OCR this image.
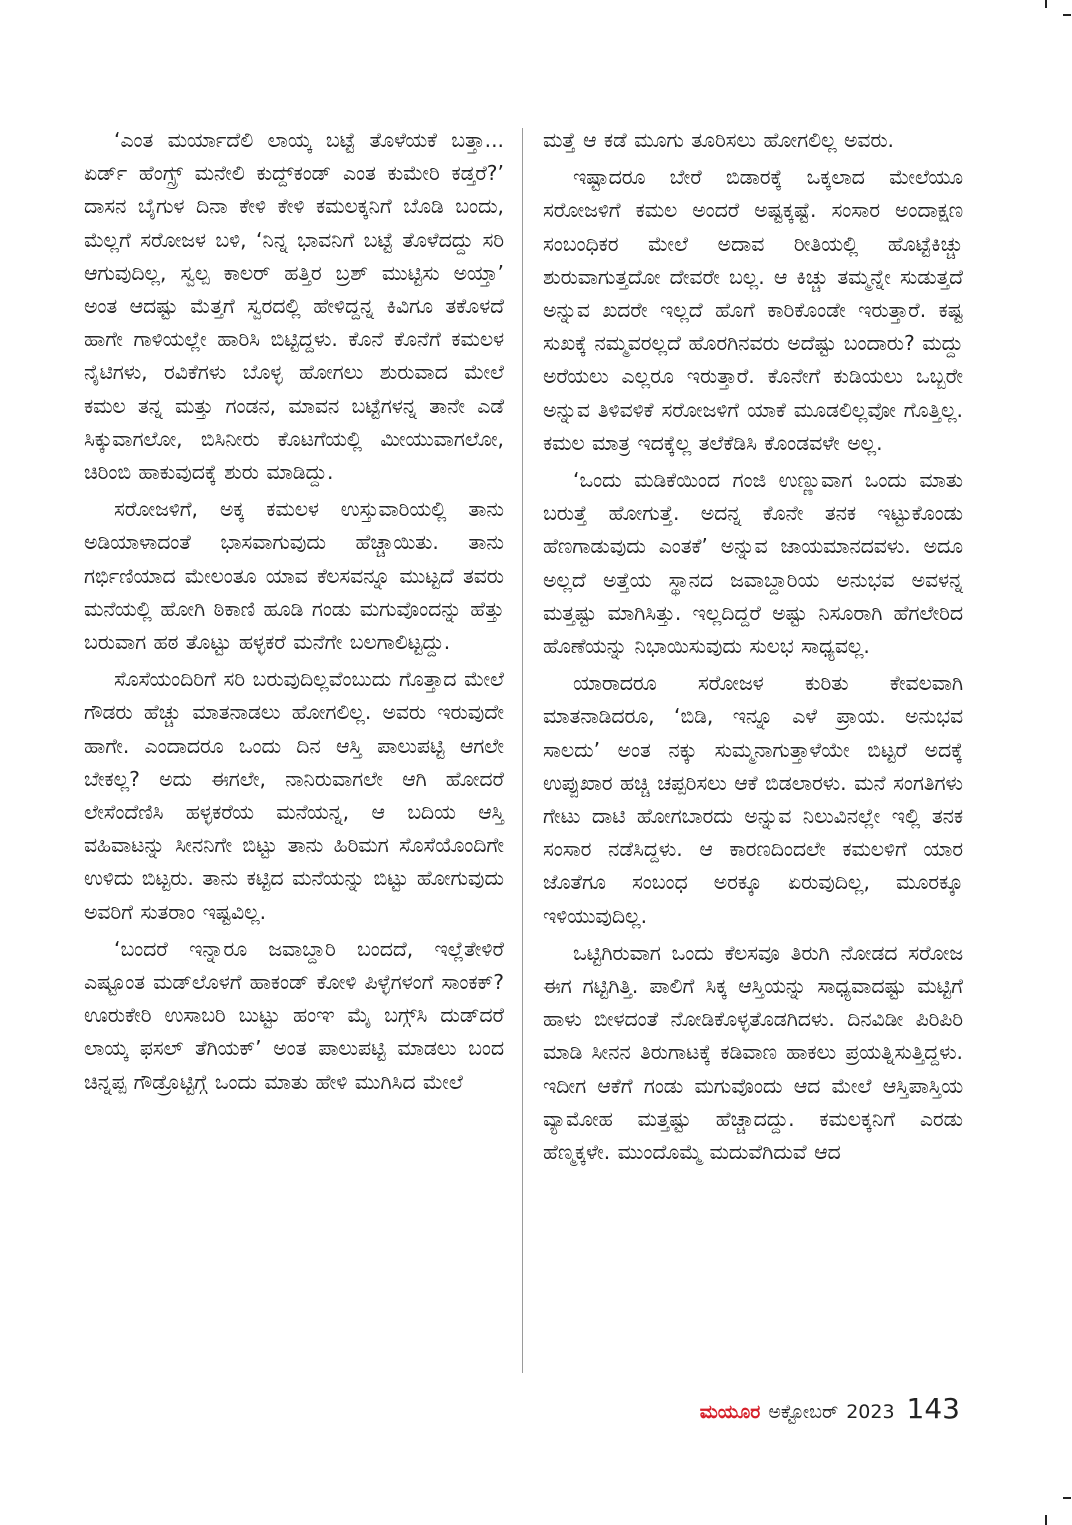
‘ಎಂತ ಮರ್ಯಾದೆಲಿ ಲಾಯ್ಕ ಬಟ್ಟೆ ತೊಳೆಯಕೆ ಬತ್ತಾ... ಏರ್ಡ್ ಹೆಂಗ್ಸ್ರ್ ಮನೇಲಿ ಕುದ್ದ್‌ಕಂಡ್ ಎಂತ ಕುಮೇರಿ ಕಡ್ತರೆ?’ ದಾಸನ ಬೈಗುಳ ದಿನಾ ಕೇಳಿ ಕೇಳಿ ಕಮಲಕ್ಕನಿಗೆ ಬೊಡಿ ಬಂದು, ಮೆಲ್ಲಗೆ ಸರೋಜಳ ಬಳಿ, ‘ನಿನ್ನ ಭಾವನಿಗೆ ಬಟ್ಟೆ ತೊಳೆದದ್ದು ಸರಿ ಆಗುವುದಿಲ್ಲ, ಸ್ವಲ್ಪ ಕಾಲರ್ ಹತ್ತಿರ ಬ್ರಶ್ ಮುಟ್ಟಿಸು ಅಯ್ತಾ’ ಅಂತ ಆದಷ್ಟು ಮೆತ್ತಗೆ ಸ್ವರದಲ್ಲಿ ಹೇಳಿದ್ದನ್ನ ಕಿವಿಗೂ ತಕೊಳದೆ ಹಾಗೇ ಗಾಳಿಯಲ್ಲೇ ಹಾರಿಸಿ ಬಿಟ್ಟಿದ್ದಳು. ಕೊನೆ ಕೊನೆಗೆ ಕಮಲಳ ನೈಟಿಗಳು, ರವಿಕೆಗಳು ಬೊಳ್ಳ ಹೋಗಲು ಶುರುವಾದ ಮೇಲೆ ಕಮಲ ತನ್ನ ಮತ್ತು ಗಂಡನ, ಮಾವನ ಬಟ್ಟೆಗಳನ್ನ ತಾನೇ ಎಡೆ ಸಿಕ್ಕುವಾಗಲೋ, ಬಿಸಿನೀರು ಕೊಟಗೆಯಲ್ಲಿ ಮೀಯುವಾಗಲೋ, ಚಿರಿಂಬಿ ಹಾಕುವುದಕ್ಕೆ ಶುರು ಮಾಡಿದ್ದು.

ಸರೋಜಳಿಗೆ, ಅಕ್ಕ ಕಮಲಳ ಉಸ್ತುವಾರಿಯಲ್ಲಿ ತಾನು ಅಡಿಯಾಳಾದಂತೆ ಭಾಸವಾಗುವುದು ಹೆಚ್ಚಾಯಿತು. ತಾನು ಗರ್ಭಿಣಿಯಾದ ಮೇಲಂತೂ ಯಾವ ಕೆಲಸವನ್ನೂ ಮುಟ್ಟದೆ ತವರು ಮನೆಯಲ್ಲಿ ಹೋಗಿ ಠಿಕಾಣಿ ಹೂಡಿ ಗಂಡು ಮಗುವೊಂದನ್ನು ಹೆತ್ತು ಬರುವಾಗ ಹಠ ತೊಟ್ಟು ಹಳ್ಳಕರೆ ಮನೆಗೇ ಬಲಗಾಲಿಟ್ಟದ್ದು.

ಸೊಸೆಯಂದಿರಿಗೆ ಸರಿ ಬರುವುದಿಲ್ಲವೆಂಬುದು ಗೊತ್ತಾದ ಮೇಲೆ ಗೌಡರು ಹೆಚ್ಚು ಮಾತನಾಡಲು ಹೋಗಲಿಲ್ಲ. ಅವರು ಇರುವುದೇ ಹಾಗೇ. ಎಂದಾದರೂ ಒಂದು ದಿನ ಆಸ್ತಿ ಪಾಲುಪಟ್ಟಿ ಆಗಲೇ ಬೇಕಲ್ಲ? ಅದು ಈಗಲೇ, ನಾನಿರುವಾಗಲೇ ಆಗಿ ಹೋದರೆ ಲೇಸೆಂದೆಣಿಸಿ ಹಳ್ಳಕರೆಯ ಮನೆಯನ್ನ, ಆ ಬದಿಯ ಆಸ್ತಿ ವಹಿವಾಟನ್ನು ಸೀನನಿಗೇ ಬಿಟ್ಟು ತಾನು ಹಿರಿಮಗ ಸೊಸೆಯೊಂದಿಗೇ ಉಳಿದು ಬಿಟ್ಟರು. ತಾನು ಕಟ್ಟಿದ ಮನೆಯನ್ನು ಬಿಟ್ಟು ಹೋಗುವುದು ಅವರಿಗೆ ಸುತರಾಂ ಇಷ್ಟವಿಲ್ಲ.

‘ಬಂದರೆ ಇನ್ನಾರೂ ಜವಾಬ್ದಾರಿ ಬಂದದೆ, ಇಲ್ಲೆತೇಳಿರೆ ಎಷ್ಟೂಂತ ಮಡ್‌ಲೊಳಗೆ ಹಾಕಂಡ್ ಕೋಳಿ ಪಿಳ್ಳೆಗಳಂಗೆ ಸಾಂಕಕ್? ಊರುಕೇರಿ ಉಸಾಬರಿ ಬುಟ್ಟು ಹಂಞ ಮೈ ಬಗ್ಗ್‌ಸಿ ದುಡ್‌ದರೆ ಲಾಯ್ಕ ಫಸಲ್ ತೆಗಿಯಕ್’ ಅಂತ ಪಾಲುಪಟ್ಟಿ ಮಾಡಲು ಬಂದ ಚಿನ್ನಪ್ಪ ಗೌಡ್ರೊಟ್ಟಿಗ್ಗೆ ಒಂದು ಮಾತು ಹೇಳಿ ಮುಗಿಸಿದ ಮೇಲೆ

ಮತ್ತೆ ಆ ಕಡೆ ಮೂಗು ತೂರಿಸಲು ಹೋಗಲಿಲ್ಲ ಅವರು.

ಇಷ್ಟಾದರೂ ಬೇರೆ ಬಿಡಾರಕ್ಕೆ ಒಕ್ಕಲಾದ ಮೇಲೆಯೂ ಸರೋಜಳಿಗೆ ಕಮಲ ಅಂದರೆ ಅಷ್ಟಕ್ಕಷ್ಟೆ. ಸಂಸಾರ ಅಂದಾಕ್ಷಣ ಸಂಬಂಧಿಕರ ಮೇಲೆ ಅದಾವ ರೀತಿಯಲ್ಲಿ ಹೊಟ್ಟೆಕಿಚ್ಚು ಶುರುವಾಗುತ್ತದೋ ದೇವರೇ ಬಲ್ಲ. ಆ ಕಿಚ್ಚು ತಮ್ಮನ್ನೇ ಸುಡುತ್ತದೆ ಅನ್ನುವ ಖದರೇ ಇಲ್ಲದೆ ಹೊಗೆ ಕಾರಿಕೊಂಡೇ ಇರುತ್ತಾರೆ. ಕಷ್ಟ ಸುಖಕ್ಕೆ ನಮ್ಮವರಲ್ಲದೆ ಹೊರಗಿನವರು ಅದೆಷ್ಟು ಬಂದಾರು? ಮದ್ದು ಅರೆಯಲು ಎಲ್ಲರೂ ಇರುತ್ತಾರೆ. ಕೊನೇಗೆ ಕುಡಿಯಲು ಒಬ್ಬರೇ ಅನ್ನುವ ತಿಳಿವಳಿಕೆ ಸರೋಜಳಿಗೆ ಯಾಕೆ ಮೂಡಲಿಲ್ಲವೋ ಗೊತ್ತಿಲ್ಲ. ಕಮಲ ಮಾತ್ರ ಇದಕ್ಕೆಲ್ಲ ತಲೆಕೆಡಿಸಿ ಕೊಂಡವಳೇ ಅಲ್ಲ.

‘ಒಂದು ಮಡಿಕೆಯಿಂದ ಗಂಜಿ ಉಣ್ಣುವಾಗ ಒಂದು ಮಾತು ಬರುತ್ತೆ ಹೋಗುತ್ತೆ. ಅದನ್ನ ಕೊನೇ ತನಕ ಇಟ್ಟುಕೊಂಡು ಹೆಣಗಾಡುವುದು ಎಂತಕೆ’ ಅನ್ನುವ ಜಾಯಮಾನದವಳು. ಅದೂ ಅಲ್ಲದೆ ಅತ್ತೆಯ ಸ್ಥಾನದ ಜವಾಬ್ದಾರಿಯ ಅನುಭವ ಅವಳನ್ನ ಮತ್ತಷ್ಟು ಮಾಗಿಸಿತ್ತು. ಇಲ್ಲದಿದ್ದರೆ ಅಷ್ಟು ನಿಸೂರಾಗಿ ಹೆಗಲೇರಿದ ಹೊಣೆಯನ್ನು ನಿಭಾಯಿಸುವುದು ಸುಲಭ ಸಾಧ್ಯವಲ್ಲ.

ಯಾರಾದರೂ ಸರೋಜಳ ಕುರಿತು ಕೇವಲವಾಗಿ ಮಾತನಾಡಿದರೂ, ‘ಬಿಡಿ, ಇನ್ನೂ ಎಳೆ ಪ್ರಾಯ. ಅನುಭವ ಸಾಲದು’ ಅಂತ ನಕ್ಕು ಸುಮ್ಮನಾಗುತ್ತಾಳೆಯೇ ಬಿಟ್ಟರೆ ಅದಕ್ಕೆ ಉಪ್ಪುಖಾರ ಹಚ್ಚಿ ಚಪ್ಪರಿಸಲು ಆಕೆ ಬಿಡಲಾರಳು. ಮನೆ ಸಂಗತಿಗಳು ಗೇಟು ದಾಟಿ ಹೋಗಬಾರದು ಅನ್ನುವ ನಿಲುವಿನಲ್ಲೇ ಇಲ್ಲಿ ತನಕ ಸಂಸಾರ ನಡೆಸಿದ್ದಳು. ಆ ಕಾರಣದಿಂದಲೇ ಕಮಲಳಿಗೆ ಯಾರ ಜೊತೆಗೂ ಸಂಬಂಧ ಅರಕ್ಕೂ ಏರುವುದಿಲ್ಲ, ಮೂರಕ್ಕೂ ಇಳಿಯುವುದಿಲ್ಲ.

ಒಟ್ಟಿಗಿರುವಾಗ ಒಂದು ಕೆಲಸವೂ ತಿರುಗಿ ನೋಡದ ಸರೋಜ ಈಗ ಗಟ್ಟಿಗಿತ್ತಿ. ಪಾಲಿಗೆ ಸಿಕ್ಕ ಆಸ್ತಿಯನ್ನು ಸಾಧ್ಯವಾದಷ್ಟು ಮಟ್ಟಿಗೆ ಹಾಳು ಬೀಳದಂತೆ ನೋಡಿಕೊಳ್ಳತೊಡಗಿದಳು. ದಿನವಿಡೀ ಪಿರಿಪಿರಿ ಮಾಡಿ ಸೀನನ ತಿರುಗಾಟಕ್ಕೆ ಕಡಿವಾಣ ಹಾಕಲು ಪ್ರಯತ್ನಿಸುತ್ತಿದ್ದಳು. ಇದೀಗ ಆಕೆಗೆ ಗಂಡು ಮಗುವೊಂದು ಆದ ಮೇಲೆ ಆಸ್ತಿಪಾಸ್ತಿಯ ವ್ಯಾಮೋಹ ಮತ್ತಷ್ಟು ಹೆಚ್ಚಾದದ್ದು. ಕಮಲಕ್ಕನಿಗೆ ಎರಡು ಹೆಣ್ಮಕ್ಕಳೇ. ಮುಂದೊಮ್ಮೆ ಮದುವೆಗಿದುವೆ ಆದ

ಮಯೂರ ಅಕ್ಟೋಬರ್ 2023 143
